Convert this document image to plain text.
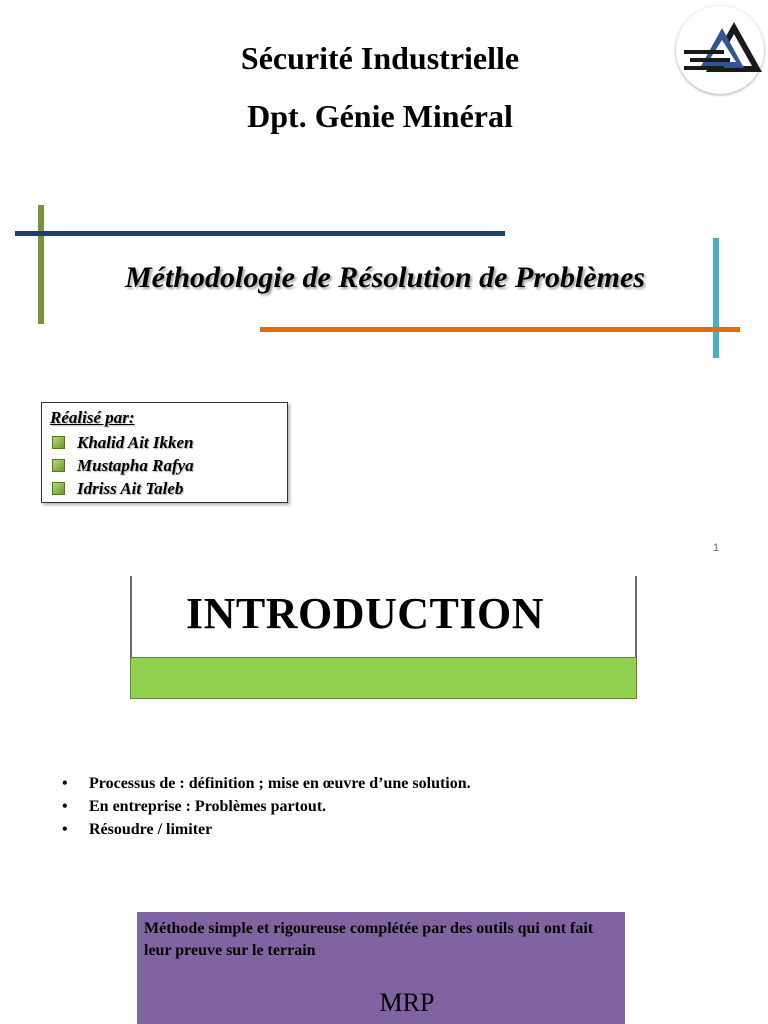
Sécurité Industrielle
Dpt. Génie Minéral
Méthodologie de Résolution de Problèmes
Réalisé par:
Khalid Ait Ikken
Mustapha Rafya
Idriss Ait Taleb
1
INTRODUCTION
•	Processus de : définition ; mise en œuvre d’une solution.
•	En entreprise : Problèmes partout.
•	Résoudre / limiter
Méthode simple et rigoureuse complétée par des outils qui ont fait leur preuve sur le terrain
MRP
